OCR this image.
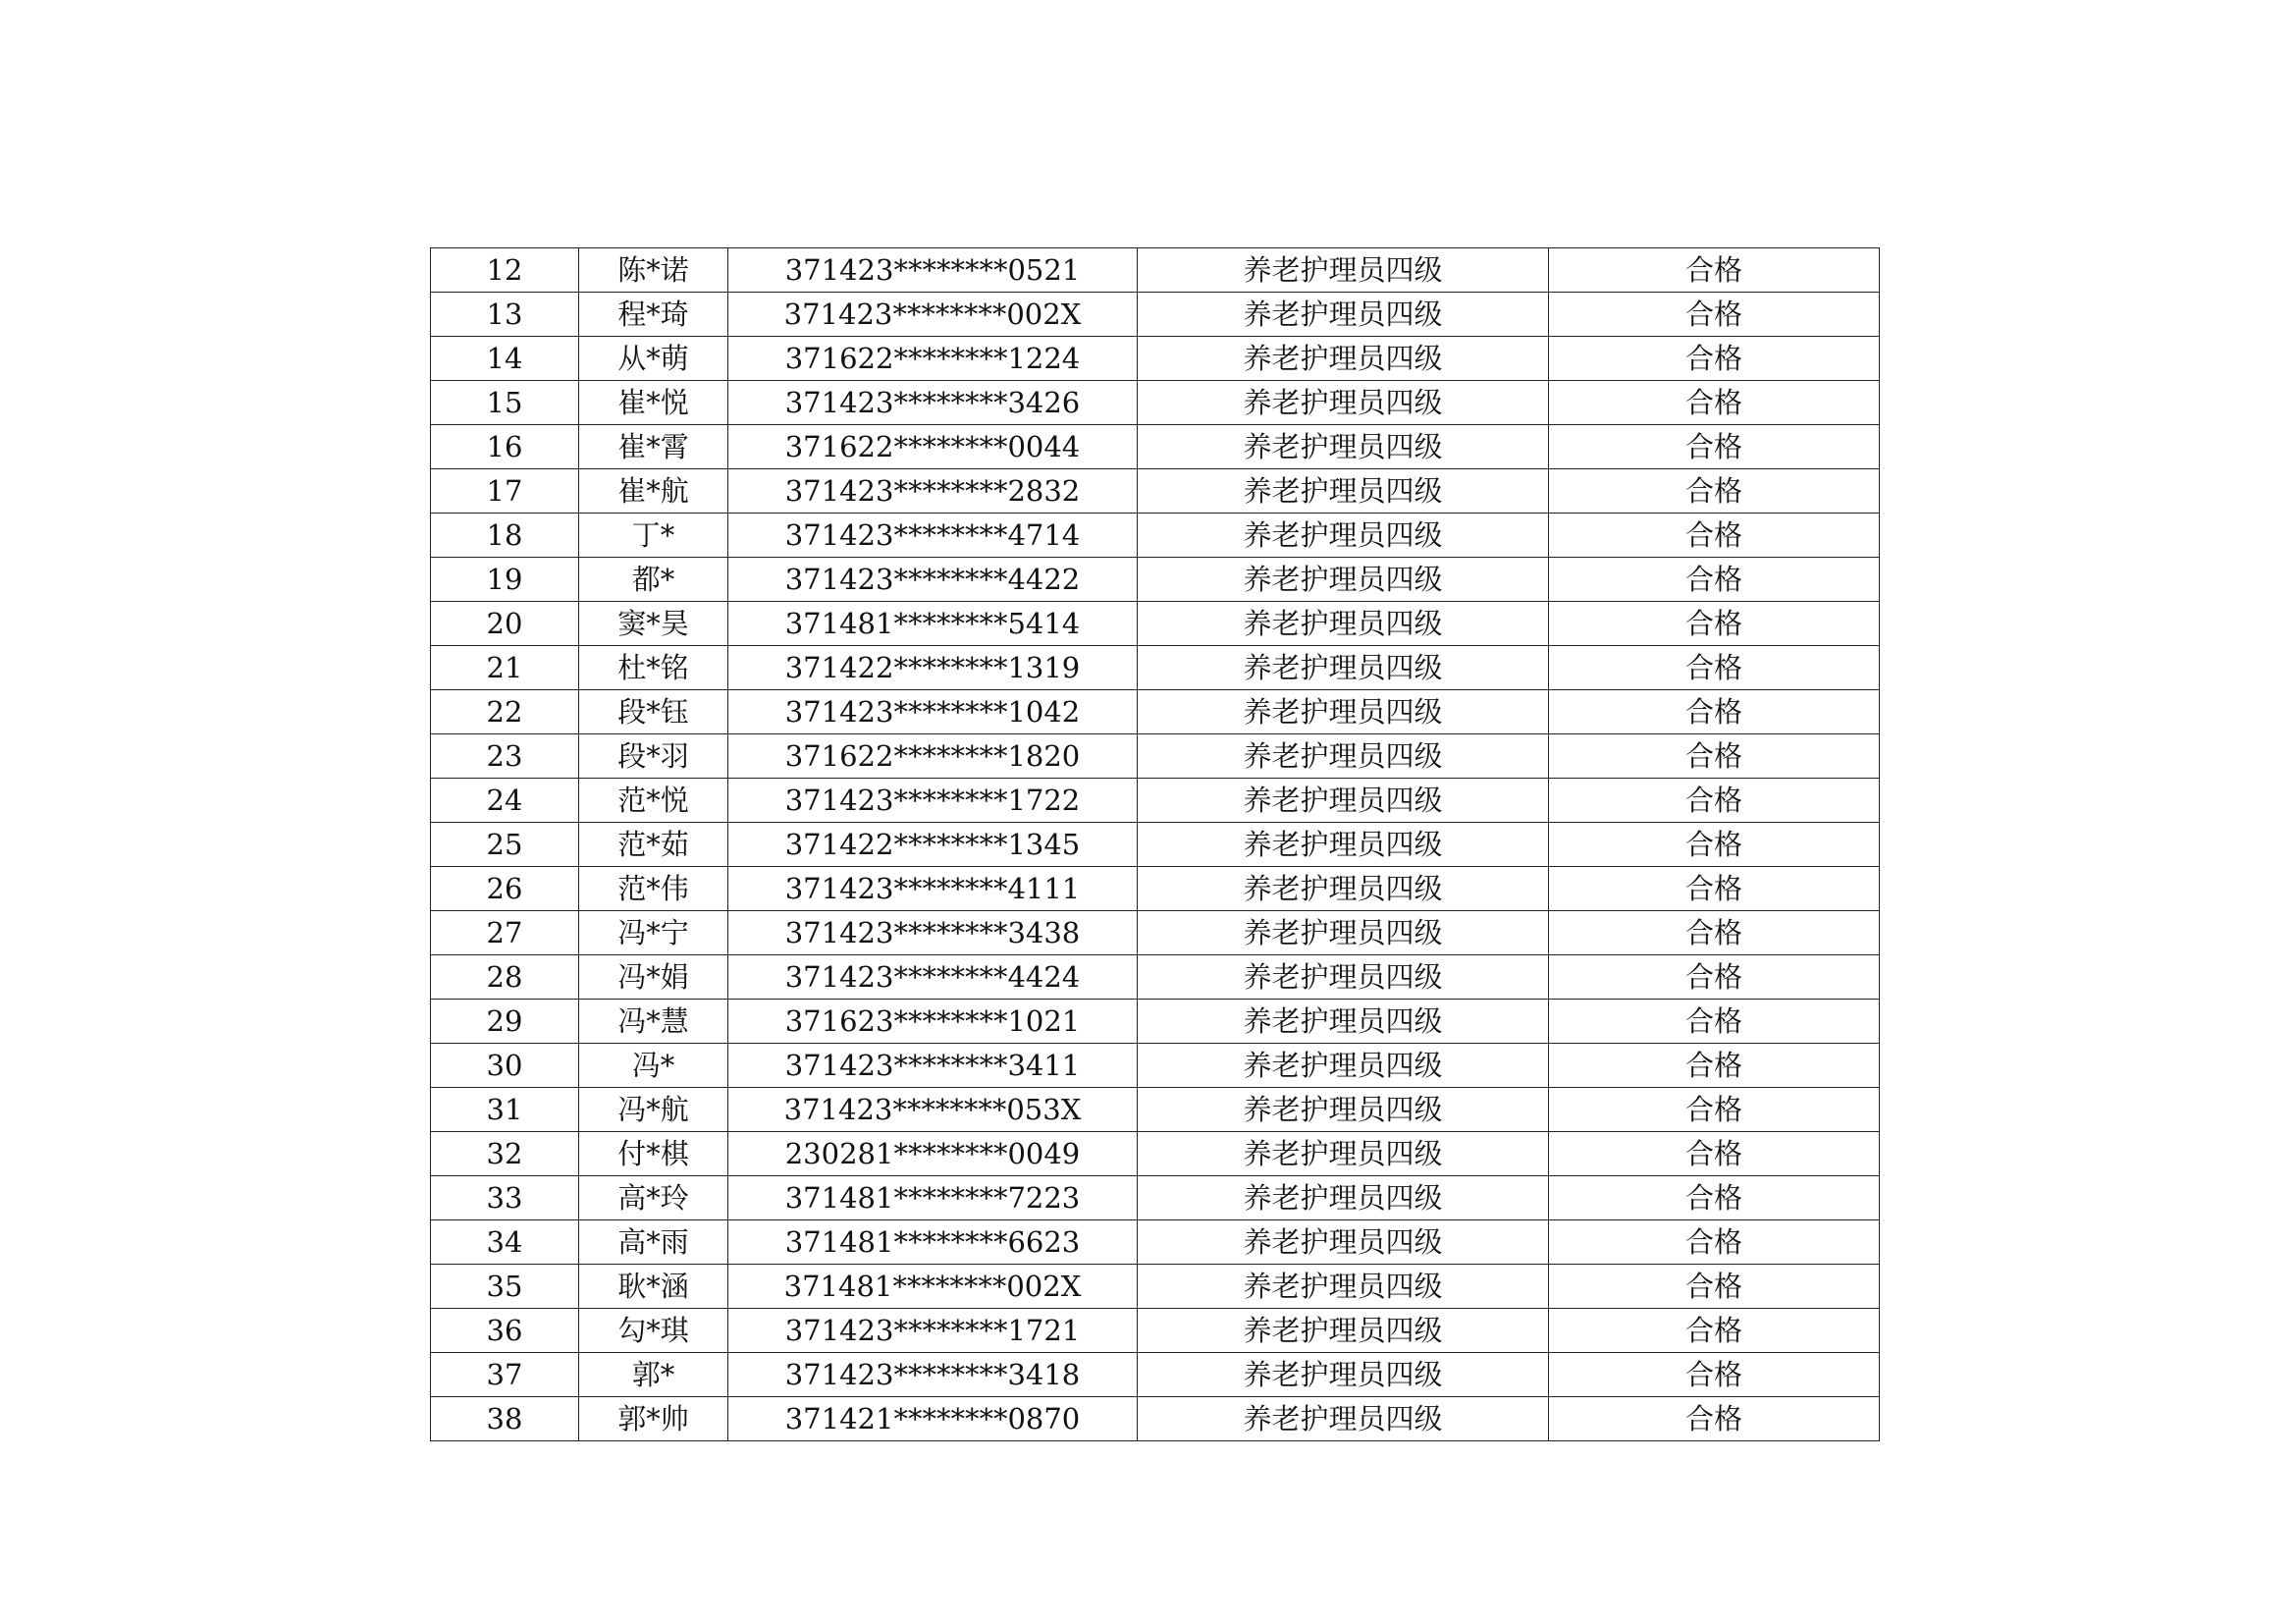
12	陈*诺	371423********0521	养老护理员四级	合格
13	程*琦	371423********002X	养老护理员四级	合格
14	从*萌	371622********1224	养老护理员四级	合格
15	崔*悦	371423********3426	养老护理员四级	合格
16	崔*霄	371622********0044	养老护理员四级	合格
17	崔*航	371423********2832	养老护理员四级	合格
18	丁*	371423********4714	养老护理员四级	合格
19	都*	371423********4422	养老护理员四级	合格
20	窦*昊	371481********5414	养老护理员四级	合格
21	杜*铭	371422********1319	养老护理员四级	合格
22	段*钰	371423********1042	养老护理员四级	合格
23	段*羽	371622********1820	养老护理员四级	合格
24	范*悦	371423********1722	养老护理员四级	合格
25	范*茹	371422********1345	养老护理员四级	合格
26	范*伟	371423********4111	养老护理员四级	合格
27	冯*宁	371423********3438	养老护理员四级	合格
28	冯*娟	371423********4424	养老护理员四级	合格
29	冯*慧	371623********1021	养老护理员四级	合格
30	冯*	371423********3411	养老护理员四级	合格
31	冯*航	371423********053X	养老护理员四级	合格
32	付*棋	230281********0049	养老护理员四级	合格
33	高*玲	371481********7223	养老护理员四级	合格
34	高*雨	371481********6623	养老护理员四级	合格
35	耿*涵	371481********002X	养老护理员四级	合格
36	勾*琪	371423********1721	养老护理员四级	合格
37	郭*	371423********3418	养老护理员四级	合格
38	郭*帅	371421********0870	养老护理员四级	合格
